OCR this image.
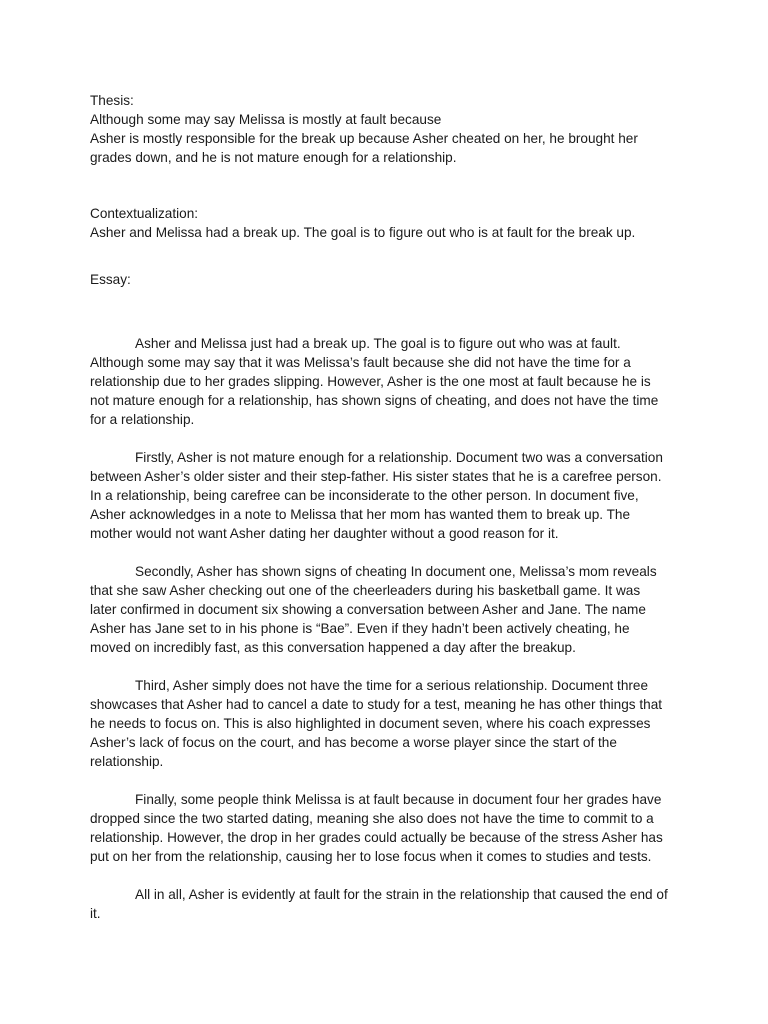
Thesis:

Although some may say Melissa is mostly at fault because

Asher is mostly responsible for the break up because Asher cheated on her, he brought her

grades down, and he is not mature enough for a relationship.

Contextualization:

Asher and Melissa had a break up. The goal is to figure out who is at fault for the break up.

Essay:

Asher and Melissa just had a break up. The goal is to figure out who was at fault.

Although some may say that it was Melissa’s fault because she did not have the time for a

relationship due to her grades slipping. However, Asher is the one most at fault because he is

not mature enough for a relationship, has shown signs of cheating, and does not have the time

for a relationship.

Firstly, Asher is not mature enough for a relationship. Document two was a conversation

between Asher’s older sister and their step-father. His sister states that he is a carefree person.

In a relationship, being carefree can be inconsiderate to the other person. In document five,

Asher acknowledges in a note to Melissa that her mom has wanted them to break up. The

mother would not want Asher dating her daughter without a good reason for it.

Secondly, Asher has shown signs of cheating In document one, Melissa’s mom reveals

that she saw Asher checking out one of the cheerleaders during his basketball game. It was

later confirmed in document six showing a conversation between Asher and Jane. The name

Asher has Jane set to in his phone is “Bae”. Even if they hadn’t been actively cheating, he

moved on incredibly fast, as this conversation happened a day after the breakup.

Third, Asher simply does not have the time for a serious relationship. Document three

showcases that Asher had to cancel a date to study for a test, meaning he has other things that

he needs to focus on. This is also highlighted in document seven, where his coach expresses

Asher’s lack of focus on the court, and has become a worse player since the start of the

relationship.

Finally, some people think Melissa is at fault because in document four her grades have

dropped since the two started dating, meaning she also does not have the time to commit to a

relationship. However, the drop in her grades could actually be because of the stress Asher has

put on her from the relationship, causing her to lose focus when it comes to studies and tests.

All in all, Asher is evidently at fault for the strain in the relationship that caused the end of

it.
